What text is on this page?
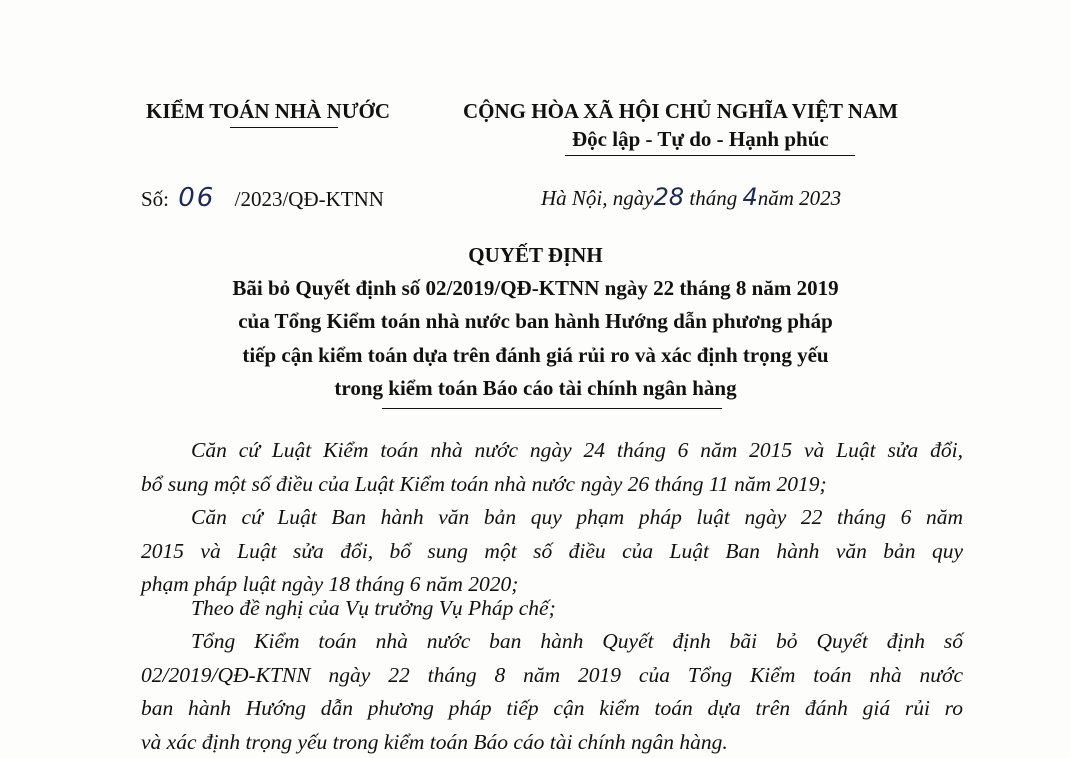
KIỂM TOÁN NHÀ NƯỚC	CỘNG HÒA XÃ HỘI CHỦ NGHĨA VIỆT NAM
Độc lập - Tự do - Hạnh phúc
Số: 06 /2023/QĐ-KTNN	Hà Nội, ngày28 tháng 4năm 2023
QUYẾT ĐỊNH
Bãi bỏ Quyết định số 02/2019/QĐ-KTNN ngày 22 tháng 8 năm 2019
của Tổng Kiểm toán nhà nước ban hành Hướng dẫn phương pháp
tiếp cận kiểm toán dựa trên đánh giá rủi ro và xác định trọng yếu
trong kiểm toán Báo cáo tài chính ngân hàng
Căn cứ Luật Kiểm toán nhà nước ngày 24 tháng 6 năm 2015 và Luật sửa đổi,
bổ sung một số điều của Luật Kiểm toán nhà nước ngày 26 tháng 11 năm 2019;
Căn cứ Luật Ban hành văn bản quy phạm pháp luật ngày 22 tháng 6 năm
2015 và Luật sửa đổi, bổ sung một số điều của Luật Ban hành văn bản quy
phạm pháp luật ngày 18 tháng 6 năm 2020;
Theo đề nghị của Vụ trưởng Vụ Pháp chế;
Tổng Kiểm toán nhà nước ban hành Quyết định bãi bỏ Quyết định số
02/2019/QĐ-KTNN ngày 22 tháng 8 năm 2019 của Tổng Kiểm toán nhà nước
ban hành Hướng dẫn phương pháp tiếp cận kiểm toán dựa trên đánh giá rủi ro
và xác định trọng yếu trong kiểm toán Báo cáo tài chính ngân hàng.
